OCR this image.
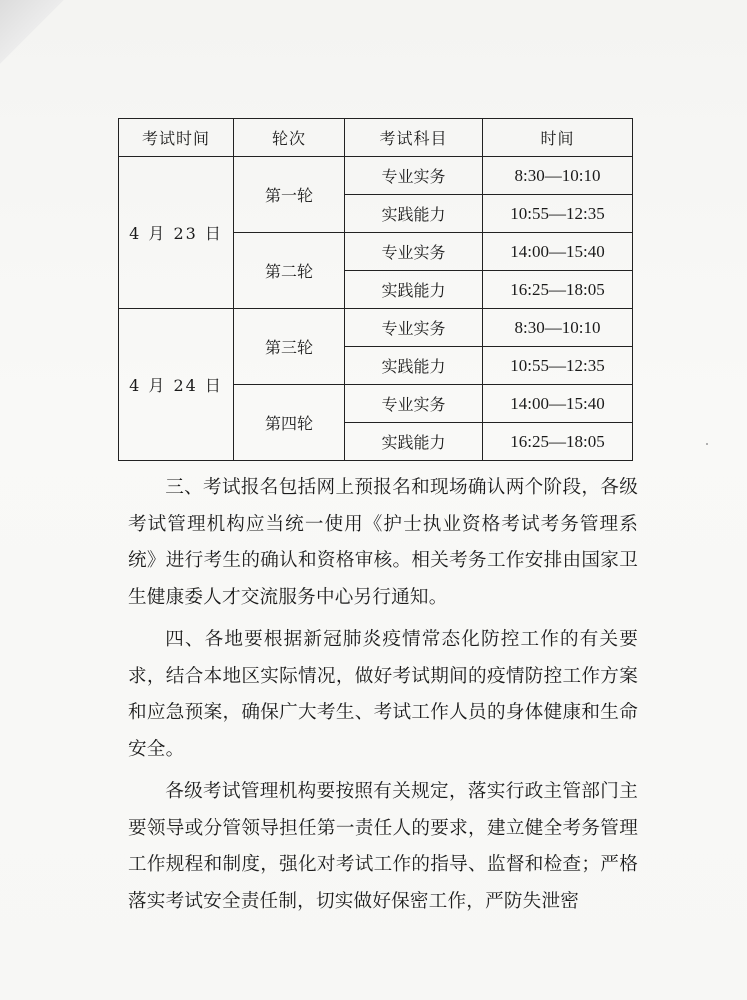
考试时间	轮次	考试科目	时间
4 月 23 日	第一轮	专业实务	8:30—10:10
		实践能力	10:55—12:35
	第二轮	专业实务	14:00—15:40
		实践能力	16:25—18:05
4 月 24 日	第三轮	专业实务	8:30—10:10
		实践能力	10:55—12:35
	第四轮	专业实务	14:00—15:40
		实践能力	16:25—18:05

三、考试报名包括网上预报名和现场确认两个阶段，各级考试管理机构应当统一使用《护士执业资格考试考务管理系统》进行考生的确认和资格审核。相关考务工作安排由国家卫生健康委人才交流服务中心另行通知。

四、各地要根据新冠肺炎疫情常态化防控工作的有关要求，结合本地区实际情况，做好考试期间的疫情防控工作方案和应急预案，确保广大考生、考试工作人员的身体健康和生命安全。

各级考试管理机构要按照有关规定，落实行政主管部门主要领导或分管领导担任第一责任人的要求，建立健全考务管理工作规程和制度，强化对考试工作的指导、监督和检查；严格落实考试安全责任制，切实做好保密工作，严防失泄密
